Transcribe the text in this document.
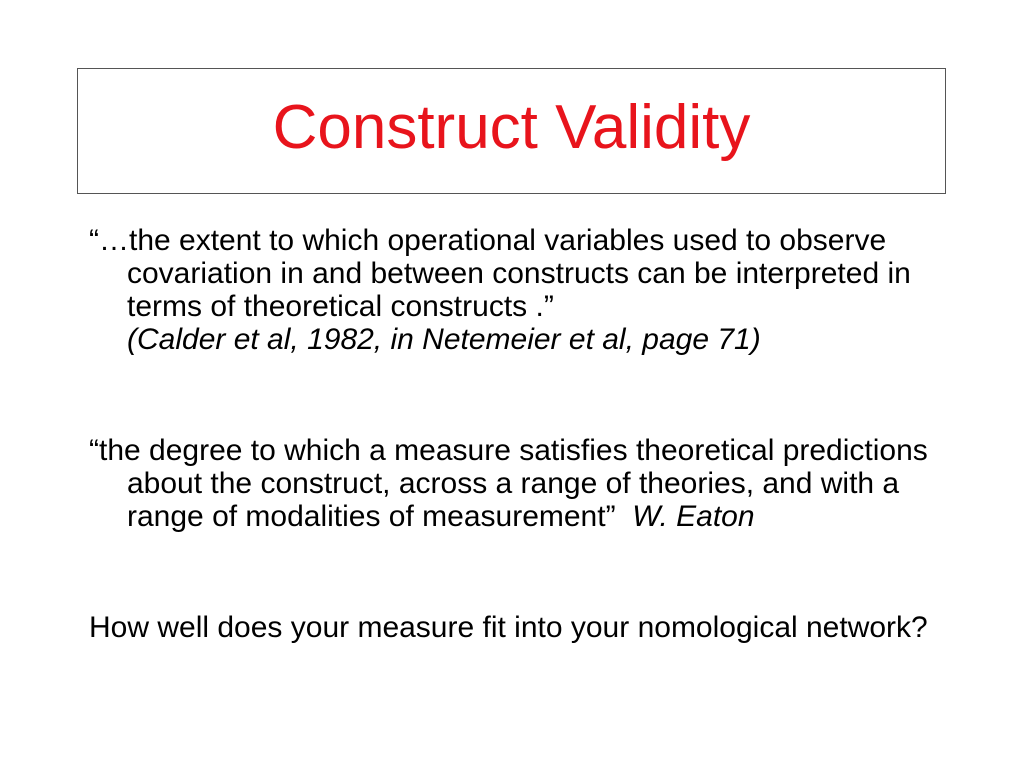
Construct Validity

“…the extent to which operational variables used to observe covariation in and between constructs can be interpreted in terms of theoretical constructs .”
(Calder et al, 1982, in Netemeier et al, page 71)

“the degree to which a measure satisfies theoretical predictions about the construct, across a range of theories, and with a range of modalities of measurement” W. Eaton

How well does your measure fit into your nomological network?
